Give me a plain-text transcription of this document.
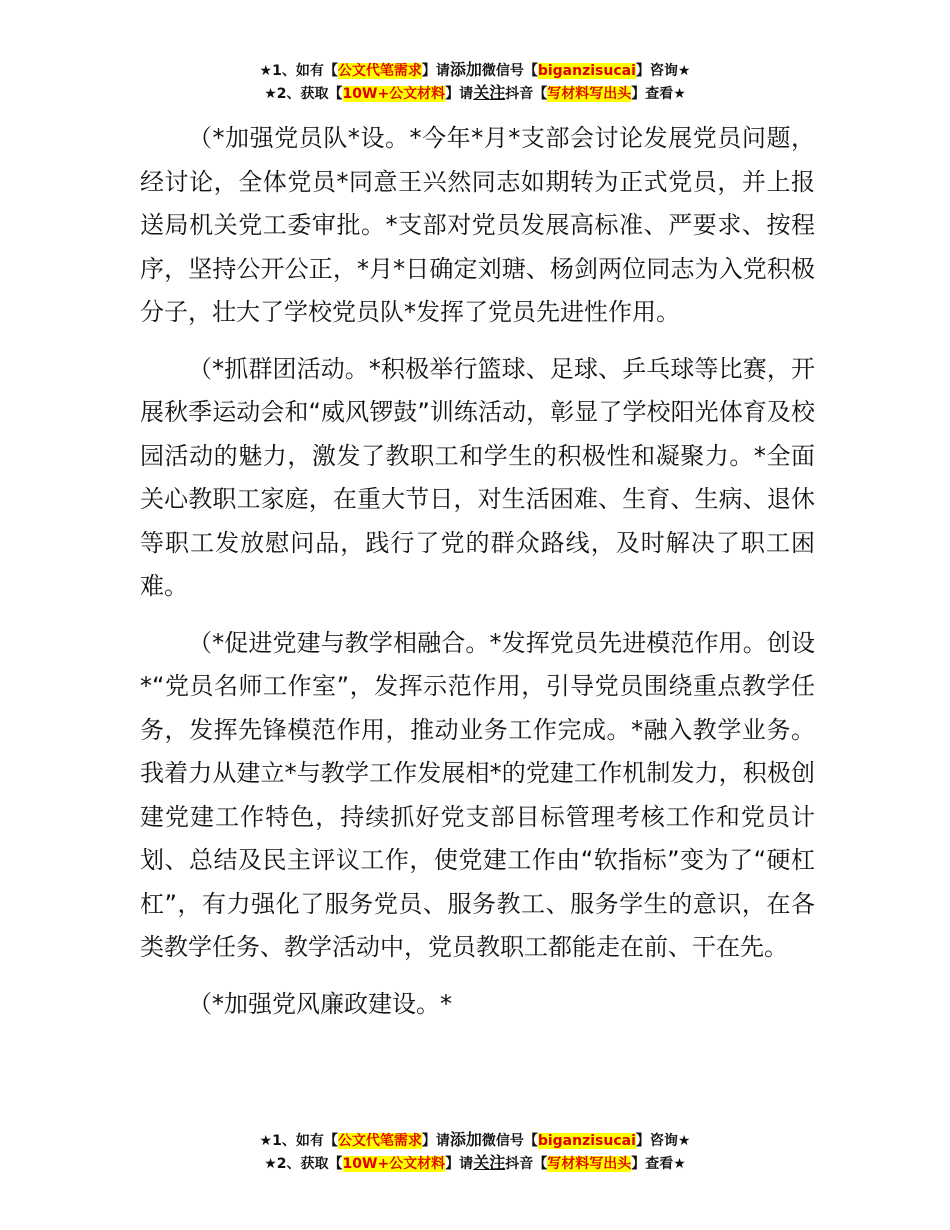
★1、如有【公文代笔需求】请添加微信号【biganzisucai】咨询★
★2、获取【10W+公文材料】请关注抖音【写材料写出头】查看★

（*加强党员队*设。*今年*月*支部会讨论发展党员问题，经讨论，全体党员*同意王兴然同志如期转为正式党员，并上报送局机关党工委审批。*支部对党员发展高标准、严要求、按程序，坚持公开公正，*月*日确定刘瑭、杨剑两位同志为入党积极分子，壮大了学校党员队*发挥了党员先进性作用。

（*抓群团活动。*积极举行篮球、足球、乒乓球等比赛，开展秋季运动会和“威风锣鼓”训练活动，彰显了学校阳光体育及校园活动的魅力，激发了教职工和学生的积极性和凝聚力。*全面关心教职工家庭，在重大节日，对生活困难、生育、生病、退休等职工发放慰问品，践行了党的群众路线，及时解决了职工困难。

（*促进党建与教学相融合。*发挥党员先进模范作用。创设*“党员名师工作室”，发挥示范作用，引导党员围绕重点教学任务，发挥先锋模范作用，推动业务工作完成。*融入教学业务。我着力从建立*与教学工作发展相*的党建工作机制发力，积极创建党建工作特色，持续抓好党支部目标管理考核工作和党员计划、总结及民主评议工作，使党建工作由“软指标”变为了“硬杠杠”，有力强化了服务党员、服务教工、服务学生的意识，在各类教学任务、教学活动中，党员教职工都能走在前、干在先。

（*加强党风廉政建设。*

★1、如有【公文代笔需求】请添加微信号【biganzisucai】咨询★
★2、获取【10W+公文材料】请关注抖音【写材料写出头】查看★
